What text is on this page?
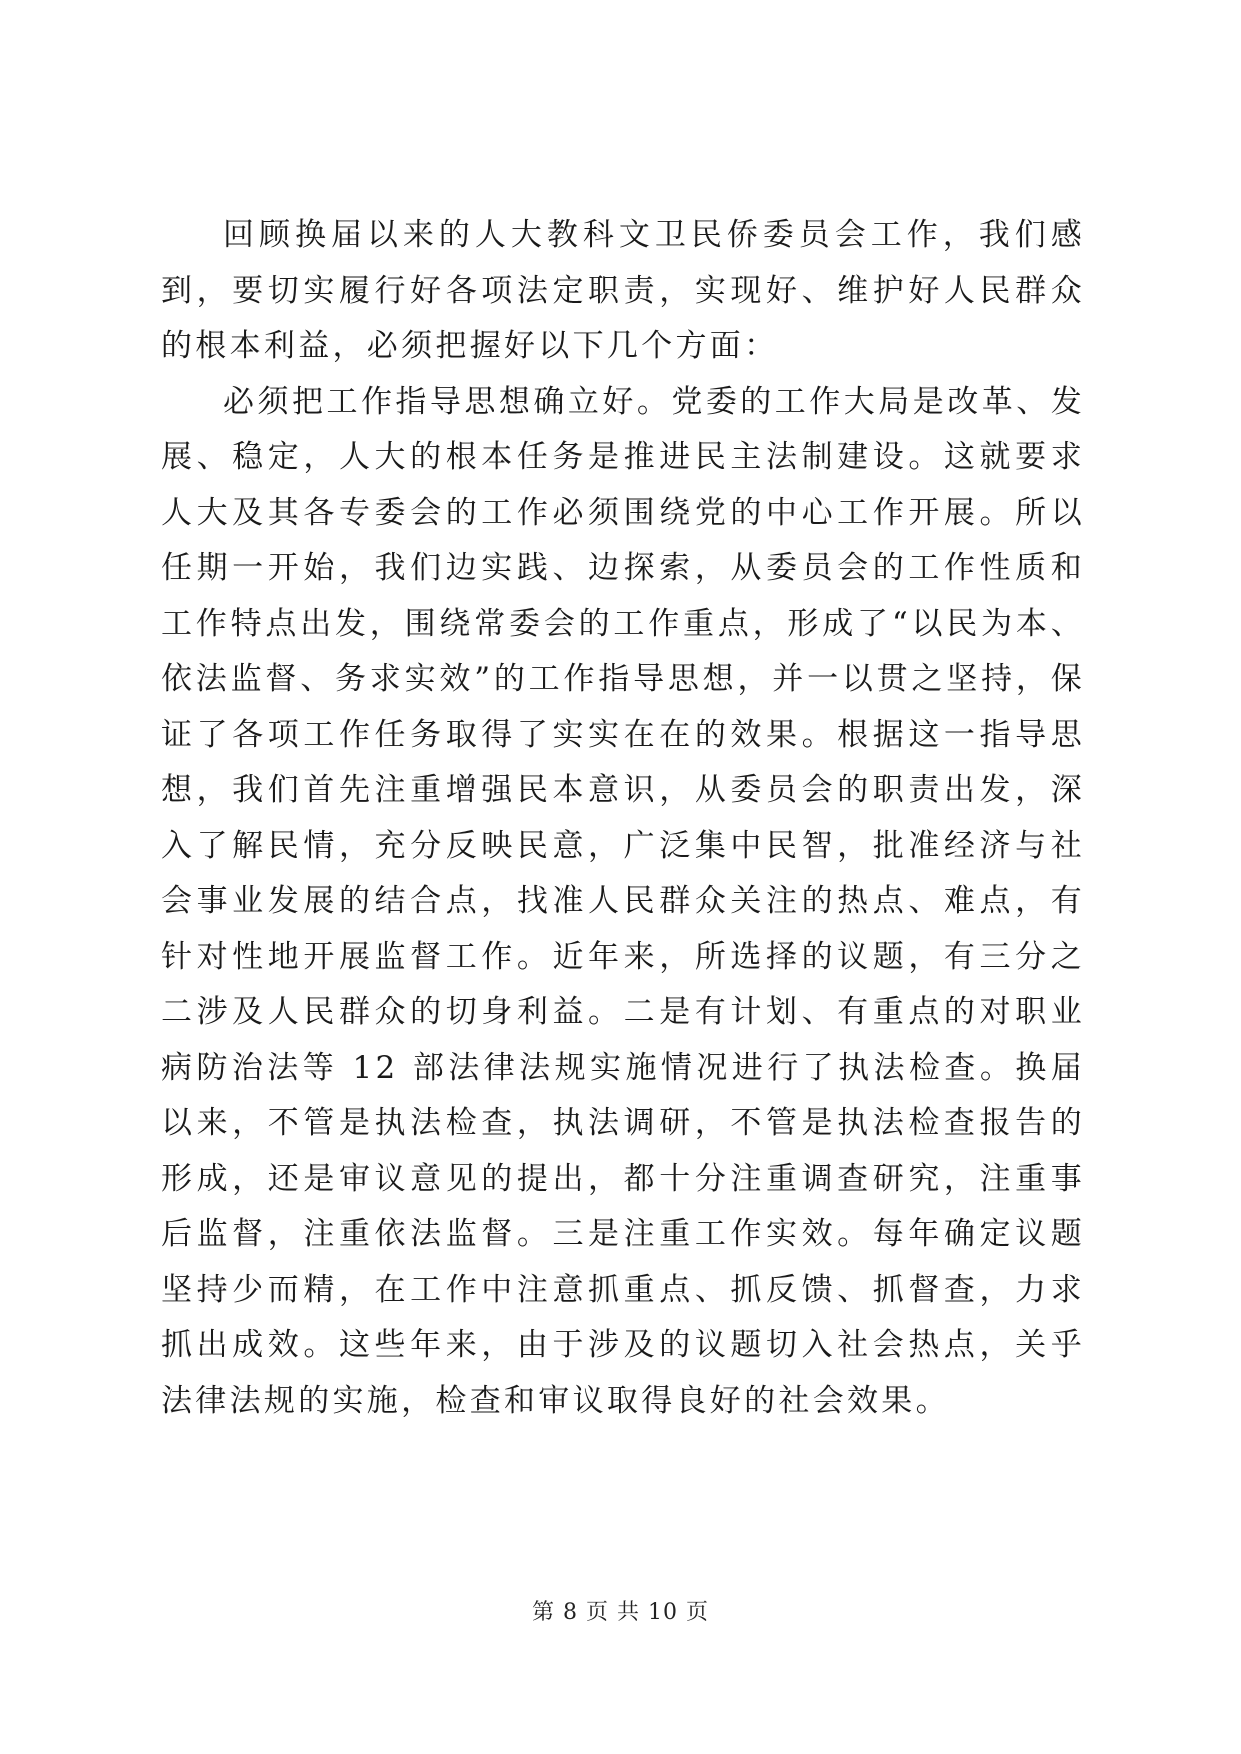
回顾换届以来的人大教科文卫民侨委员会工作，我们感到，要切实履行好各项法定职责，实现好、维护好人民群众的根本利益，必须把握好以下几个方面：

必须把工作指导思想确立好。党委的工作大局是改革、发展、稳定，人大的根本任务是推进民主法制建设。这就要求人大及其各专委会的工作必须围绕党的中心工作开展。所以任期一开始，我们边实践、边探索，从委员会的工作性质和工作特点出发，围绕常委会的工作重点，形成了“以民为本、依法监督、务求实效”的工作指导思想，并一以贯之坚持，保证了各项工作任务取得了实实在在的效果。根据这一指导思想，我们首先注重增强民本意识，从委员会的职责出发，深入了解民情，充分反映民意，广泛集中民智，批准经济与社会事业发展的结合点，找准人民群众关注的热点、难点，有针对性地开展监督工作。近年来，所选择的议题，有三分之二涉及人民群众的切身利益。二是有计划、有重点的对职业病防治法等 12 部法律法规实施情况进行了执法检查。换届以来，不管是执法检查，执法调研，不管是执法检查报告的形成，还是审议意见的提出，都十分注重调查研究，注重事后监督，注重依法监督。三是注重工作实效。每年确定议题坚持少而精，在工作中注意抓重点、抓反馈、抓督查，力求抓出成效。这些年来，由于涉及的议题切入社会热点，关乎法律法规的实施，检查和审议取得良好的社会效果。

第 8 页 共 10 页
